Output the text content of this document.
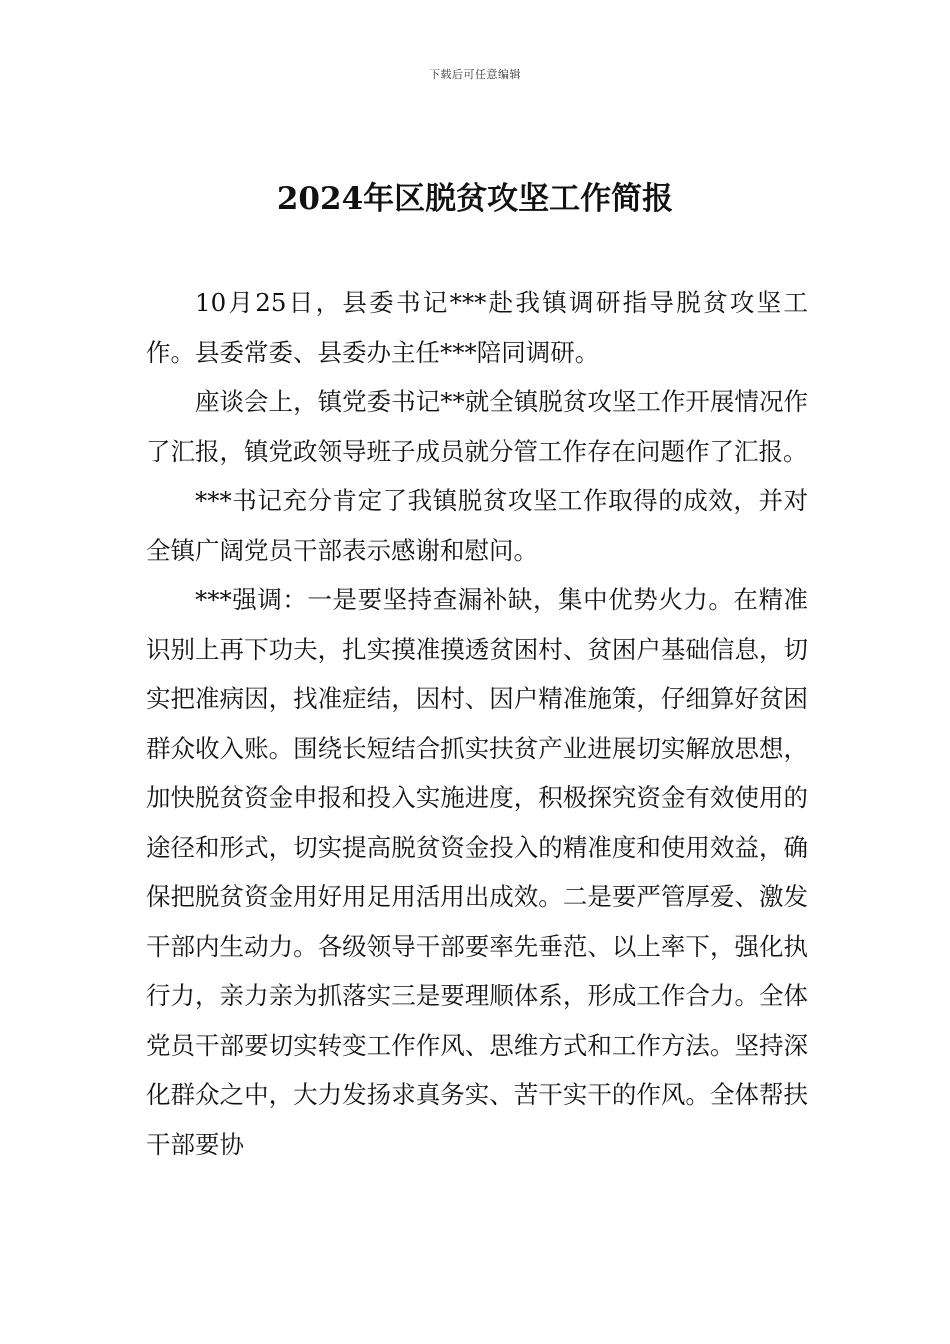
下载后可任意编辑
2024年区脱贫攻坚工作简报

10月25日，县委书记***赴我镇调研指导脱贫攻坚工作。县委常委、县委办主任***陪同调研。

座谈会上，镇党委书记**就全镇脱贫攻坚工作开展情况作了汇报，镇党政领导班子成员就分管工作存在问题作了汇报。

***书记充分肯定了我镇脱贫攻坚工作取得的成效，并对全镇广阔党员干部表示感谢和慰问。

***强调：一是要坚持查漏补缺，集中优势火力。在精准识别上再下功夫，扎实摸准摸透贫困村、贫困户基础信息，切实把准病因，找准症结，因村、因户精准施策，仔细算好贫困群众收入账。围绕长短结合抓实扶贫产业进展切实解放思想，加快脱贫资金申报和投入实施进度，积极探究资金有效使用的途径和形式，切实提高脱贫资金投入的精准度和使用效益，确保把脱贫资金用好用足用活用出成效。二是要严管厚爱、激发干部内生动力。各级领导干部要率先垂范、以上率下，强化执行力，亲力亲为抓落实三是要理顺体系，形成工作合力。全体党员干部要切实转变工作作风、思维方式和工作方法。坚持深化群众之中，大力发扬求真务实、苦干实干的作风。全体帮扶干部要协
